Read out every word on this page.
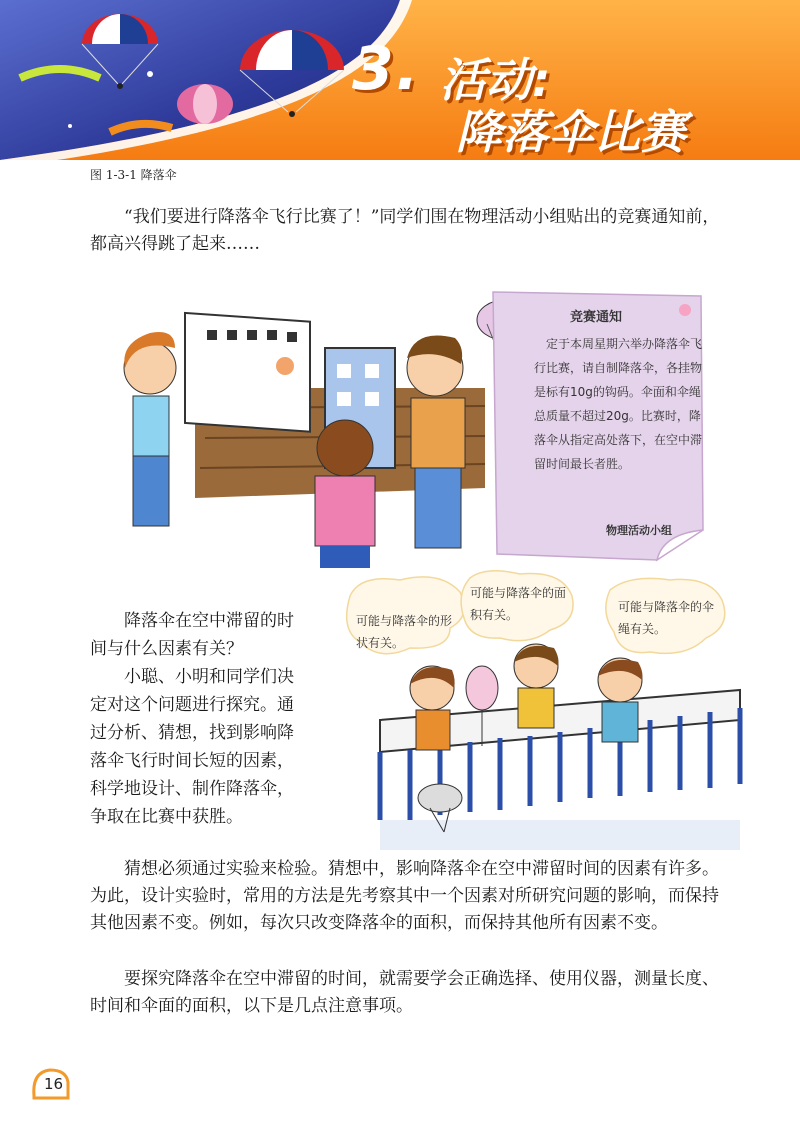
3. 活动:
降落伞比赛
图 1-3-1 降落伞
“我们要进行降落伞飞行比赛了！”同学们围在物理活动小组贴出的竞赛通知前，都高兴得跳了起来……
竞赛通知
定于本周星期六举办降落伞飞行比赛，请自制降落伞，各挂物是标有10g的钩码。伞面和伞绳总质量不超过20g。比赛时，降落伞从指定高处落下，在空中滞留时间最长者胜。
物理活动小组

降落伞在空中滞留的时间与什么因素有关？

小聪、小明和同学们决定对这个问题进行探究。通过分析、猜想，找到影响降落伞飞行时间长短的因素，科学地设计、制作降落伞，争取在比赛中获胜。

可能与降落伞的形状有关。
可能与降落伞的面积有关。
可能与降落伞的伞绳有关。
猜想必须通过实验来检验。猜想中，影响降落伞在空中滞留时间的因素有许多。为此，设计实验时，常用的方法是先考察其中一个因素对所研究问题的影响，而保持其他因素不变。例如，每次只改变降落伞的面积，而保持其他所有因素不变。
要探究降落伞在空中滞留的时间，就需要学会正确选择、使用仪器，测量长度、时间和伞面的面积，以下是几点注意事项。
16
